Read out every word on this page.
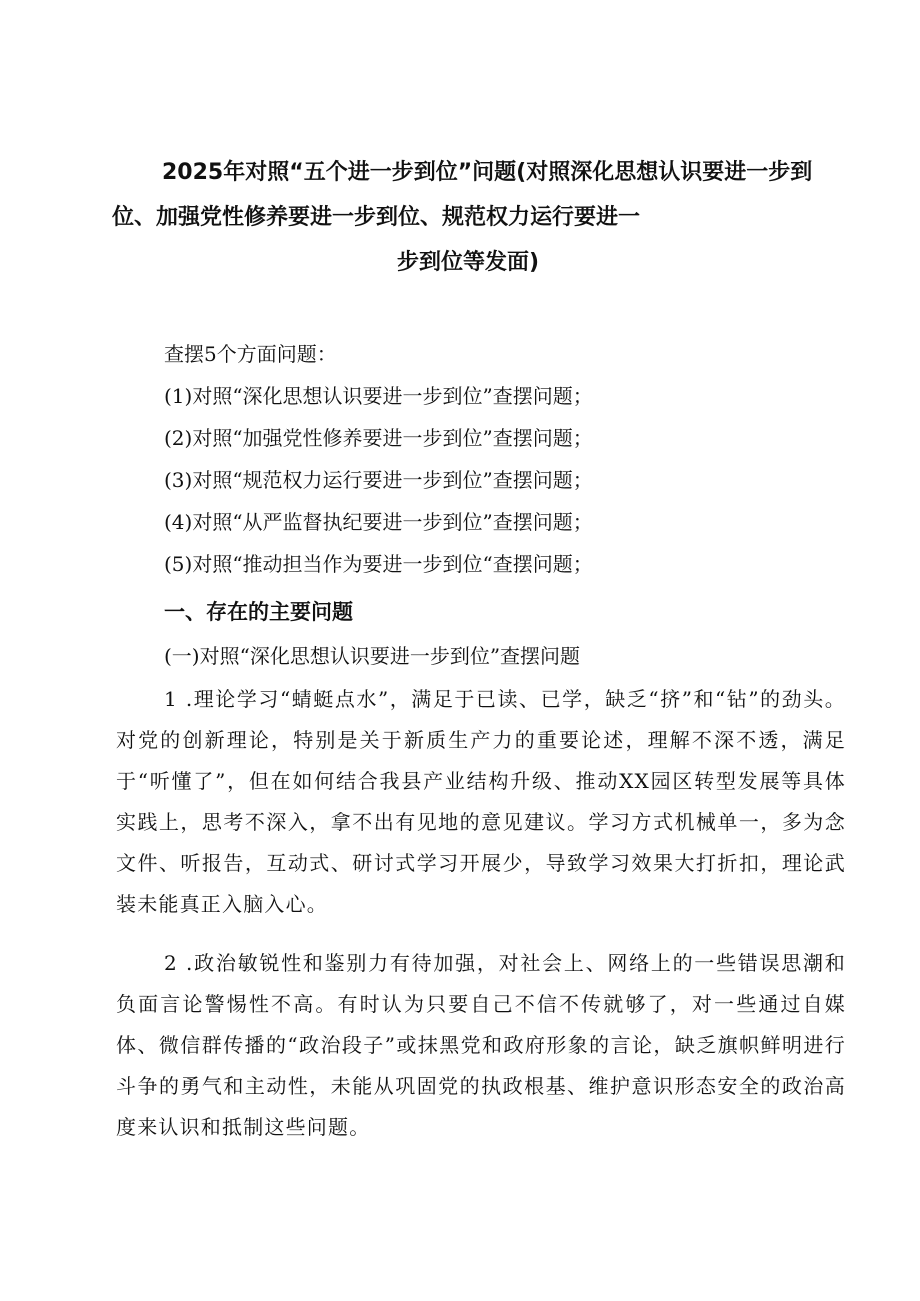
2025年对照“五个进一步到位”问题(对照深化思想认识要进一步到
位、加强党性修养要进一步到位、规范权力运行要进一
步到位等发面)
查摆5个方面问题：
(1)对照“深化思想认识要进一步到位”查摆问题；
(2)对照“加强党性修养要进一步到位”查摆问题；
(3)对照“规范权力运行要进一步到位”查摆问题；
(4)对照“从严监督执纪要进一步到位”查摆问题；
(5)对照“推动担当作为要进一步到位“查摆问题；
一、存在的主要问题
(一)对照“深化思想认识要进一步到位”查摆问题

1 .理论学习“蜻蜓点水”，满足于已读、已学，缺乏“挤”和“钻”的劲头。对党的创新理论，特别是关于新质生产力的重要论述，理解不深不透，满足于“听懂了”，但在如何结合我县产业结构升级、推动XX园区转型发展等具体实践上，思考不深入，拿不出有见地的意见建议。学习方式机械单一，多为念文件、听报告，互动式、研讨式学习开展少，导致学习效果大打折扣，理论武装未能真正入脑入心。

2 .政治敏锐性和鉴别力有待加强，对社会上、网络上的一些错误思潮和负面言论警惕性不高。有时认为只要自己不信不传就够了，对一些通过自媒体、微信群传播的“政治段子”或抹黑党和政府形象的言论，缺乏旗帜鲜明进行斗争的勇气和主动性，未能从巩固党的执政根基、维护意识形态安全的政治高度来认识和抵制这些问题。
